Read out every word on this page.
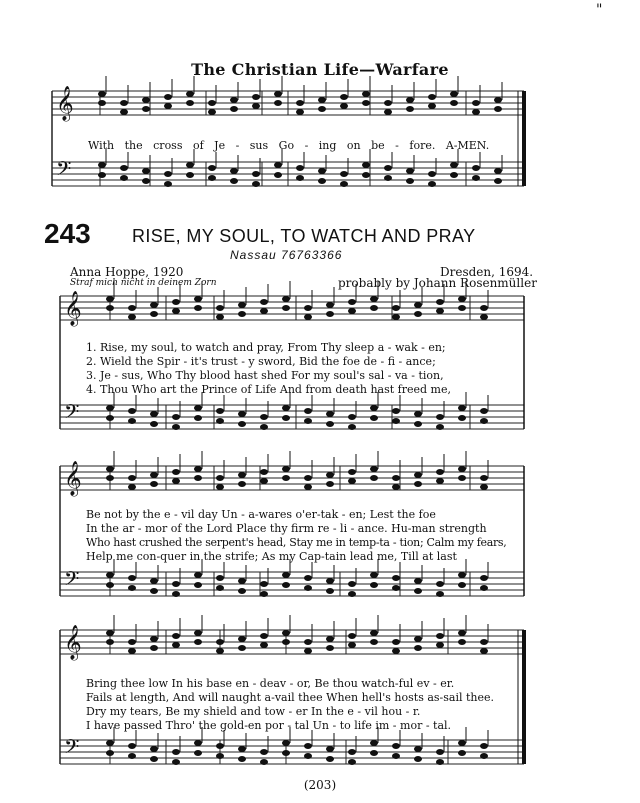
𝄞
𝄢
𝄞
𝄢
𝄞
𝄢
𝄞
𝄢
The Christian Life—Warfare
"
With the cross of Je - sus Go - ing on be - fore. A-MEN.
243 RISE, MY SOUL, TO WATCH AND PRAY
Nassau 76763366
Anna Hoppe, 1920
Straf mich nicht in deinem Zorn
Dresden, 1694.
probably by Johann Rosenmüller
1. Rise, my soul, to watch and pray, From Thy sleep a - wak - en;
2. Wield the Spir - it's trust - y sword, Bid the foe de - fi - ance;
3. Je - sus, Who Thy blood hast shed For my soul's sal - va - tion,
4. Thou Who art the Prince of Life And from death hast freed me,
Be not by the e - vil day Un - a-wares o'er-tak - en; Lest the foe
In the ar - mor of the Lord Place thy firm re - li - ance. Hu-man strength
Who hast crushed the serpent's head, Stay me in temp-ta - tion; Calm my fears,
Help me con-quer in the strife; As my Cap-tain lead me, Till at last
Bring thee low In his base en - deav - or, Be thou watch-ful ev - er.
Fails at length, And will naught a-vail thee When hell's hosts as-sail thee.
Dry my tears, Be my shield and tow - er In the e - vil hou - r.
I have passed Thro' the gold-en por - tal Un - to life im - mor - tal.
(203)
